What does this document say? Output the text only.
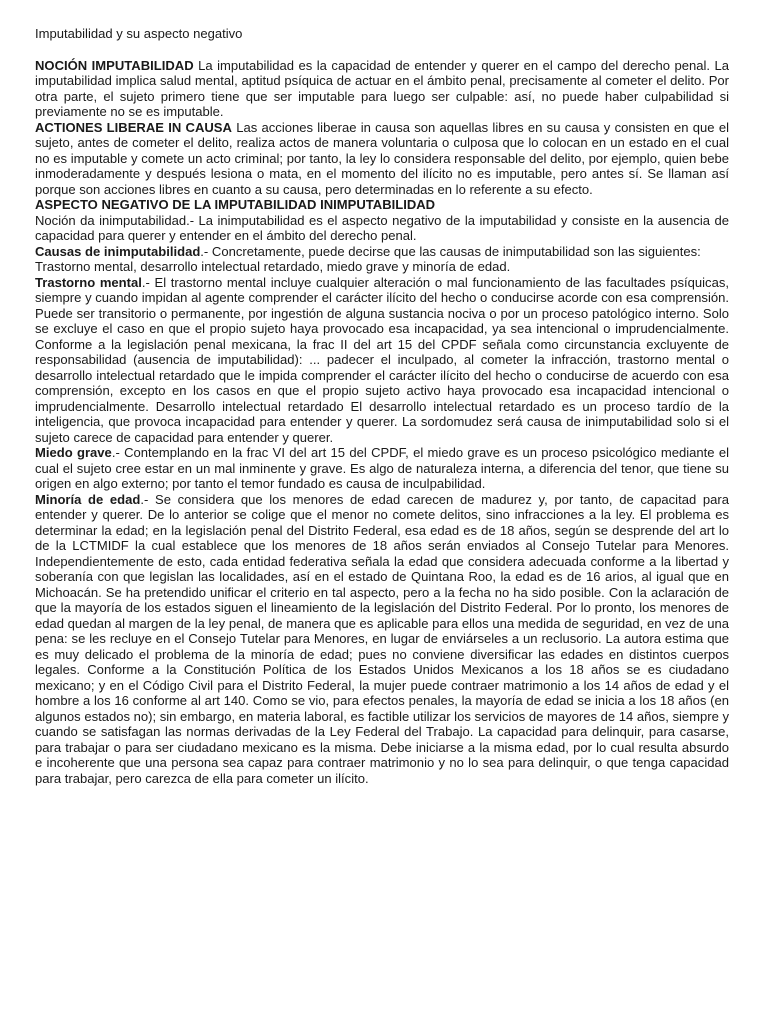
Imputabilidad y su aspecto negativo

NOCIÓN IMPUTABILIDAD La imputabilidad es la capacidad de entender y querer en el campo del derecho penal. La imputabilidad implica salud mental, aptitud psíquica de actuar en el ámbito penal, precisamente al cometer el delito. Por otra parte, el sujeto primero tiene que ser imputable para luego ser culpable: así, no puede haber culpabilidad si previamente no se es imputable.

ACTIONES LIBERAE IN CAUSA Las acciones liberae in causa son aquellas libres en su causa y consisten en que el sujeto, antes de cometer el delito, realiza actos de manera voluntaria o culposa que lo colocan en un estado en el cual no es imputable y comete un acto criminal; por tanto, la ley lo considera responsable del delito, por ejemplo, quien bebe inmoderadamente y después lesiona o mata, en el momento del ilícito no es imputable, pero antes sí. Se llaman así porque son acciones libres en cuanto a su causa, pero determinadas en lo referente a su efecto.

ASPECTO NEGATIVO DE LA IMPUTABILIDAD INIMPUTABILIDAD

Noción da inimputabilidad.- La inimputabilidad es el aspecto negativo de la imputabilidad y consiste en la ausencia de capacidad para querer y entender en el ámbito del derecho penal.

Causas de inimputabilidad.- Concretamente, puede decirse que las causas de inimputabilidad son las siguientes:

Trastorno mental, desarrollo intelectual retardado, miedo grave y minoría de edad.

Trastorno mental.- El trastorno mental incluye cualquier alteración o mal funcionamiento de las facultades psíquicas, siempre y cuando impidan al agente comprender el carácter ilícito del hecho o conducirse acorde con esa comprensión. Puede ser transitorio o permanente, por ingestión de alguna sustancia nociva o por un proceso patológico interno. Solo se excluye el caso en que el propio sujeto haya provocado esa incapacidad, ya sea intencional o imprudencialmente. Conforme a la legislación penal mexicana, la frac II del art 15 del CPDF señala como circunstancia excluyente de responsabilidad (ausencia de imputabilidad): ... padecer el inculpado, al cometer la infracción, trastorno mental o desarrollo intelectual retardado que le impida comprender el carácter ilícito del hecho o conducirse de acuerdo con esa comprensión, excepto en los casos en que el propio sujeto activo haya provocado esa incapacidad intencional o imprudencialmente. Desarrollo intelectual retardado El desarrollo intelectual retardado es un proceso tardío de la inteligencia, que provoca incapacidad para entender y querer. La sordomudez será causa de inimputabilidad solo si el sujeto carece de capacidad para entender y querer.

Miedo grave.- Contemplando en la frac VI del art 15 del CPDF, el miedo grave es un proceso psicológico mediante el cual el sujeto cree estar en un mal inminente y grave. Es algo de naturaleza interna, a diferencia del tenor, que tiene su origen en algo externo; por tanto el temor fundado es causa de inculpabilidad.

Minoría de edad.- Se considera que los menores de edad carecen de madurez y, por tanto, de capacitad para entender y querer. De lo anterior se colige que el menor no comete delitos, sino infracciones a la ley. El problema es determinar la edad; en la legislación penal del Distrito Federal, esa edad es de 18 años, según se desprende del art lo de la LCTMIDF la cual establece que los menores de 18 años serán enviados al Consejo Tutelar para Menores. Independientemente de esto, cada entidad federativa señala la edad que considera adecuada conforme a la libertad y soberanía con que legislan las localidades, así en el estado de Quintana Roo, la edad es de 16 arios, al igual que en Michoacán. Se ha pretendido unificar el criterio en tal aspecto, pero a la fecha no ha sido posible. Con la aclaración de que la mayoría de los estados siguen el lineamiento de la legislación del Distrito Federal. Por lo pronto, los menores de edad quedan al margen de la ley penal, de manera que es aplicable para ellos una medida de seguridad, en vez de una pena: se les recluye en el Consejo Tutelar para Menores, en lugar de enviárseles a un reclusorio. La autora estima que es muy delicado el problema de la minoría de edad; pues no conviene diversificar las edades en distintos cuerpos legales. Conforme a la Constitución Política de los Estados Unidos Mexicanos a los 18 años se es ciudadano mexicano; y en el Código Civil para el Distrito Federal, la mujer puede contraer matrimonio a los 14 años de edad y el hombre a los 16 conforme al art 140. Como se vio, para efectos penales, la mayoría de edad se inicia a los 18 años (en algunos estados no); sin embargo, en materia laboral, es factible utilizar los servicios de mayores de 14 años, siempre y cuando se satisfagan las normas derivadas de la Ley Federal del Trabajo. La capacidad para delinquir, para casarse, para trabajar o para ser ciudadano mexicano es la misma. Debe iniciarse a la misma edad, por lo cual resulta absurdo e incoherente que una persona sea capaz para contraer matrimonio y no lo sea para delinquir, o que tenga capacidad para trabajar, pero carezca de ella para cometer un ilícito.
